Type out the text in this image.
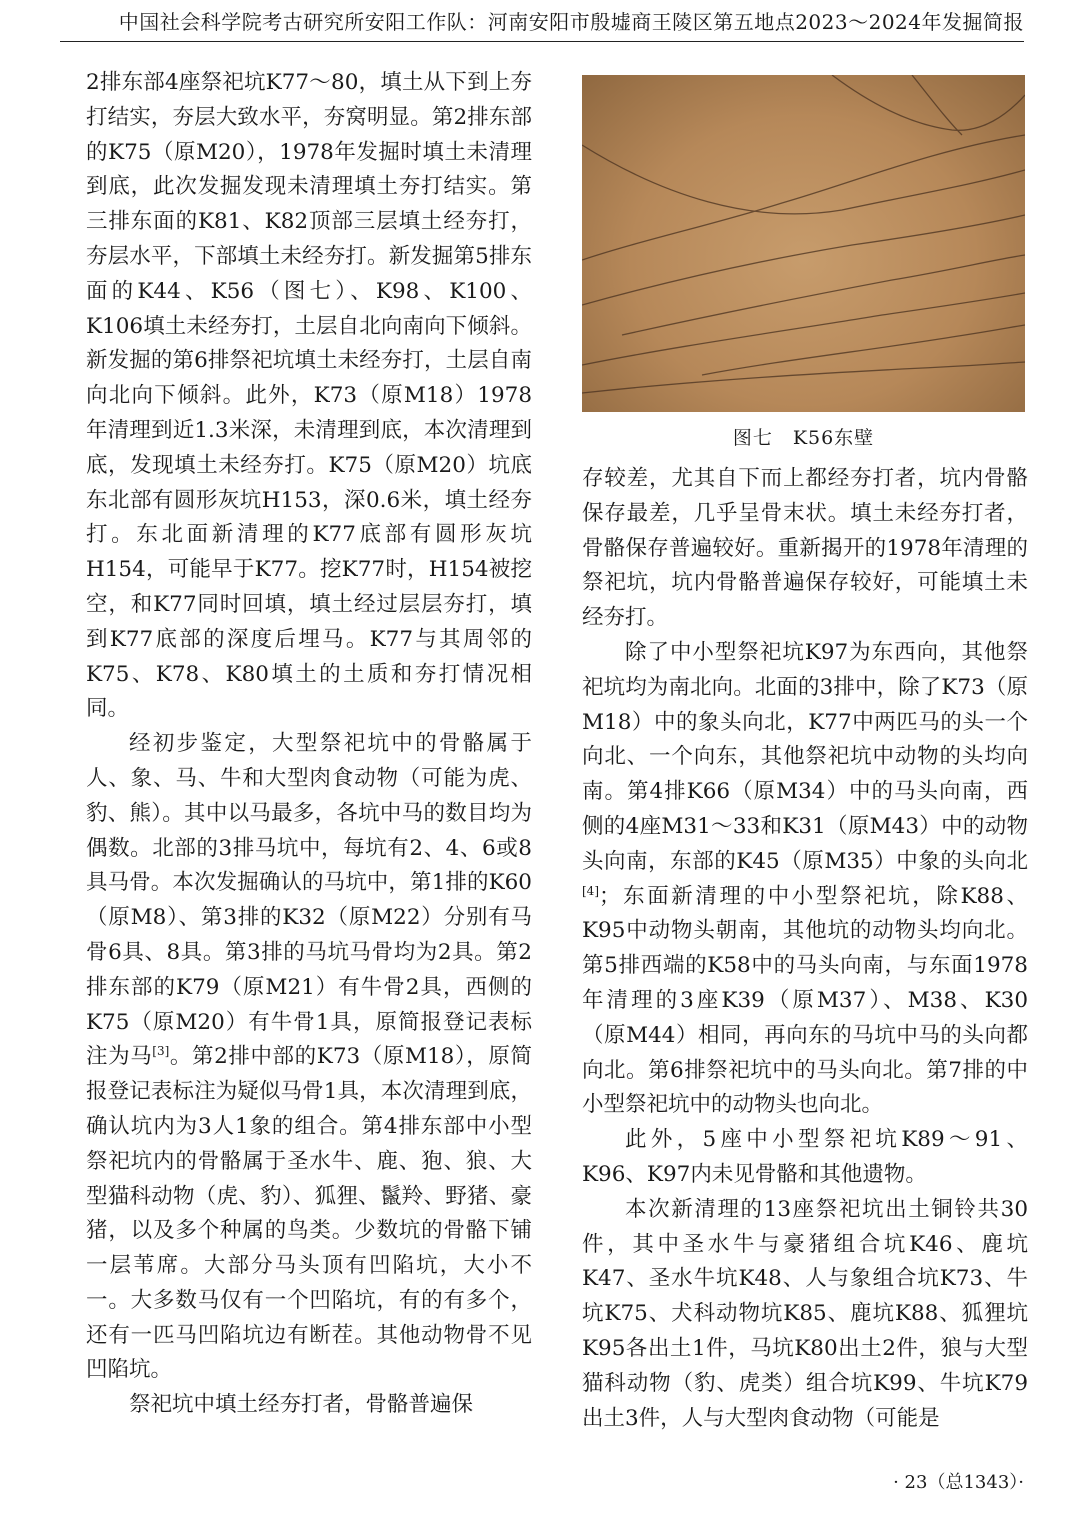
中国社会科学院考古研究所安阳工作队：河南安阳市殷墟商王陵区第五地点2023～2024年发掘简报

2排东部4座祭祀坑K77～80，填土从下到上夯打结实，夯层大致水平，夯窝明显。第2排东部的K75（原M20），1978年发掘时填土未清理到底，此次发掘发现未清理填土夯打结实。第三排东面的K81、K82顶部三层填土经夯打，夯层水平，下部填土未经夯打。新发掘第5排东面的K44、K56（图七）、K98、K100、K106填土未经夯打，土层自北向南向下倾斜。新发掘的第6排祭祀坑填土未经夯打，土层自南向北向下倾斜。此外，K73（原M18）1978年清理到近1.3米深，未清理到底，本次清理到底，发现填土未经夯打。K75（原M20）坑底东北部有圆形灰坑H153，深0.6米，填土经夯打。东北面新清理的K77底部有圆形灰坑H154，可能早于K77。挖K77时，H154被挖空，和K77同时回填，填土经过层层夯打，填到K77底部的深度后埋马。K77与其周邻的K75、K78、K80填土的土质和夯打情况相同。

经初步鉴定，大型祭祀坑中的骨骼属于人、象、马、牛和大型肉食动物（可能为虎、豹、熊）。其中以马最多，各坑中马的数目均为偶数。北部的3排马坑中，每坑有2、4、6或8具马骨。本次发掘确认的马坑中，第1排的K60（原M8）、第3排的K32（原M22）分别有马骨6具、8具。第3排的马坑马骨均为2具。第2排东部的K79（原M21）有牛骨2具，西侧的K75（原M20）有牛骨1具，原简报登记表标注为马[3]。第2排中部的K73（原M18），原简报登记表标注为疑似马骨1具，本次清理到底，确认坑内为3人1象的组合。第4排东部中小型祭祀坑内的骨骼属于圣水牛、鹿、狍、狼、大型猫科动物（虎、豹）、狐狸、鬣羚、野猪、豪猪，以及多个种属的鸟类。少数坑的骨骼下铺一层苇席。大部分马头顶有凹陷坑，大小不一。大多数马仅有一个凹陷坑，有的有多个，还有一匹马凹陷坑边有断茬。其他动物骨不见凹陷坑。

祭祀坑中填土经夯打者，骨骼普遍保

图七　K56东壁

存较差，尤其自下而上都经夯打者，坑内骨骼保存最差，几乎呈骨末状。填土未经夯打者，骨骼保存普遍较好。重新揭开的1978年清理的祭祀坑，坑内骨骼普遍保存较好，可能填土未经夯打。

除了中小型祭祀坑K97为东西向，其他祭祀坑均为南北向。北面的3排中，除了K73（原M18）中的象头向北，K77中两匹马的头一个向北、一个向东，其他祭祀坑中动物的头均向南。第4排K66（原M34）中的马头向南，西侧的4座M31～33和K31（原M43）中的动物头向南，东部的K45（原M35）中象的头向北[4]；东面新清理的中小型祭祀坑，除K88、K95中动物头朝南，其他坑的动物头均向北。第5排西端的K58中的马头向南，与东面1978年清理的3座K39（原M37）、M38、K30（原M44）相同，再向东的马坑中马的头向都向北。第6排祭祀坑中的马头向北。第7排的中小型祭祀坑中的动物头也向北。

此外，5座中小型祭祀坑K89～91、K96、K97内未见骨骼和其他遗物。

本次新清理的13座祭祀坑出土铜铃共30件，其中圣水牛与豪猪组合坑K46、鹿坑K47、圣水牛坑K48、人与象组合坑K73、牛坑K75、犬科动物坑K85、鹿坑K88、狐狸坑K95各出土1件，马坑K80出土2件，狼与大型猫科动物（豹、虎类）组合坑K99、牛坑K79出土3件，人与大型肉食动物（可能是

· 23（总1343）·
